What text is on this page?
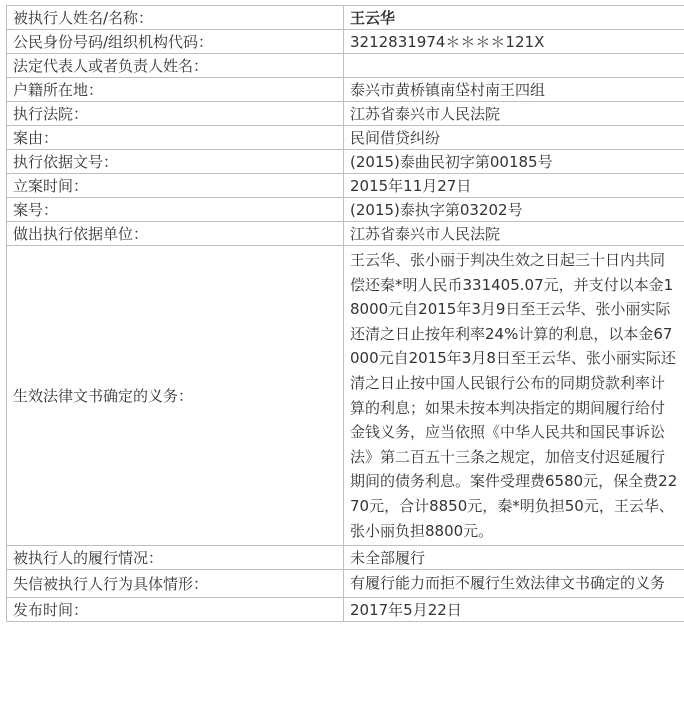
被执行人姓名/名称：	王云华
公民身份号码/组织机构代码：	3212831974＊＊＊＊121X
法定代表人或者负责人姓名：	
户籍所在地：	泰兴市黄桥镇南垈村南王四组
执行法院：	江苏省泰兴市人民法院
案由：	民间借贷纠纷
执行依据文号：	(2015)泰曲民初字第00185号
立案时间：	2015年11月27日
案号：	(2015)泰执字第03202号
做出执行依据单位：	江苏省泰兴市人民法院
生效法律文书确定的义务：	王云华、张小丽于判决生效之日起三十日内共同偿还秦*明人民币331405.07元，并支付以本金18000元自2015年3月9日至王云华、张小丽实际还清之日止按年利率24%计算的利息，以本金67000元自2015年3月8日至王云华、张小丽实际还清之日止按中国人民银行公布的同期贷款利率计算的利息；如果未按本判决指定的期间履行给付金钱义务，应当依照《中华人民共和国民事诉讼法》第二百五十三条之规定，加倍支付迟延履行期间的债务利息。案件受理费6580元，保全费2270元，合计8850元，秦*明负担50元，王云华、张小丽负担8800元。
被执行人的履行情况：	未全部履行
失信被执行人行为具体情形：	有履行能力而拒不履行生效法律文书确定的义务
发布时间：	2017年5月22日
